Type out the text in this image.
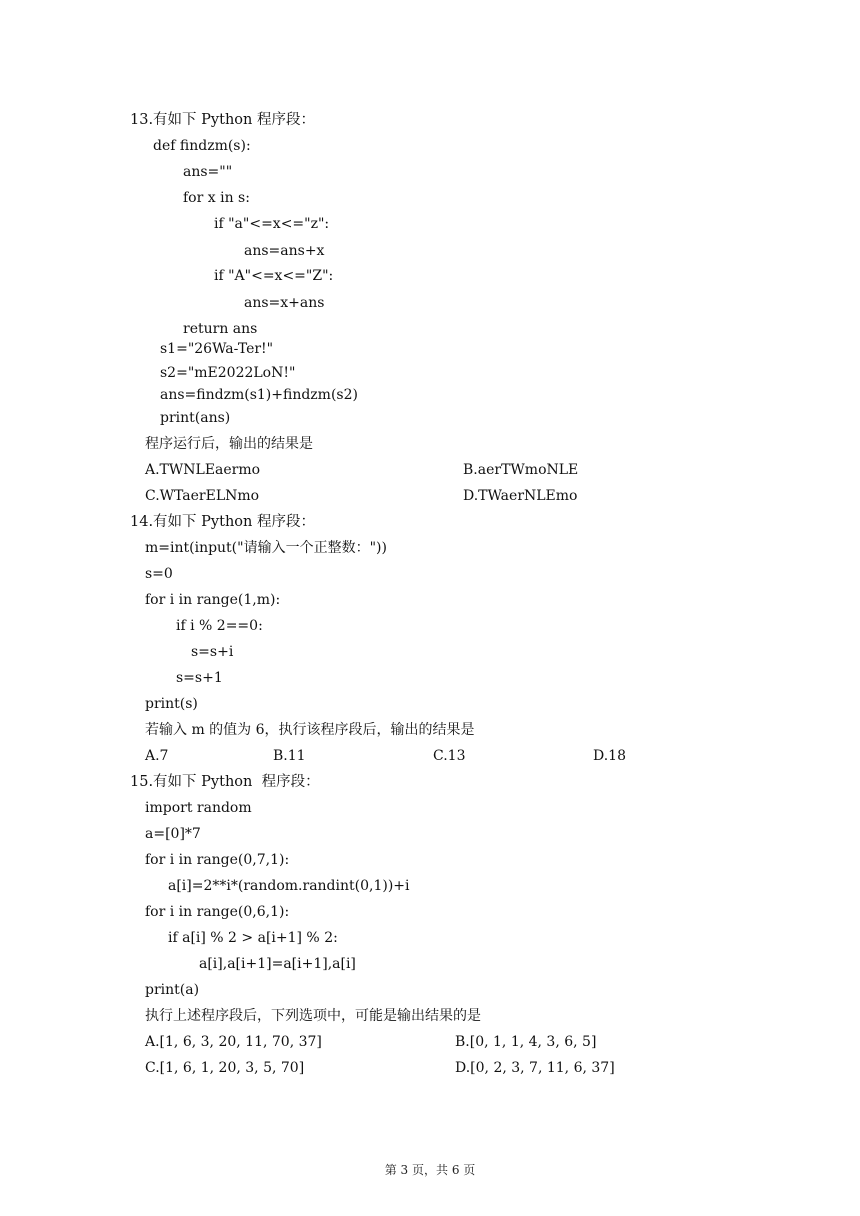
13.有如下 Python 程序段：
def findzm(s):
ans=""
for x in s:
if "a"<=x<="z":
ans=ans+x
if "A"<=x<="Z":
ans=x+ans
return ans
s1="26Wa-Ter!"
s2="mE2022LoN!"
ans=findzm(s1)+findzm(s2)
print(ans)
程序运行后，输出的结果是
A.TWNLEaermo	B.aerTWmoNLE
C.WTaerELNmo	D.TWaerNLEmo
14.有如下 Python 程序段：
m=int(input("请输入一个正整数："))
s=0
for i in range(1,m):
if i % 2==0:
s=s+i
s=s+1
print(s)
若输入 m 的值为 6，执行该程序段后，输出的结果是
A.7	B.11	C.13	D.18
15.有如下 Python  程序段：
import random
a=[0]*7
for i in range(0,7,1):
a[i]=2**i*(random.randint(0,1))+i
for i in range(0,6,1):
if a[i] % 2 > a[i+1] % 2:
a[i],a[i+1]=a[i+1],a[i]
print(a)
执行上述程序段后，下列选项中，可能是输出结果的是
A.[1, 6, 3, 20, 11, 70, 37]	B.[0, 1, 1, 4, 3, 6, 5]
C.[1, 6, 1, 20, 3, 5, 70]	D.[0, 2, 3, 7, 11, 6, 37]
第 3 页，共 6 页
